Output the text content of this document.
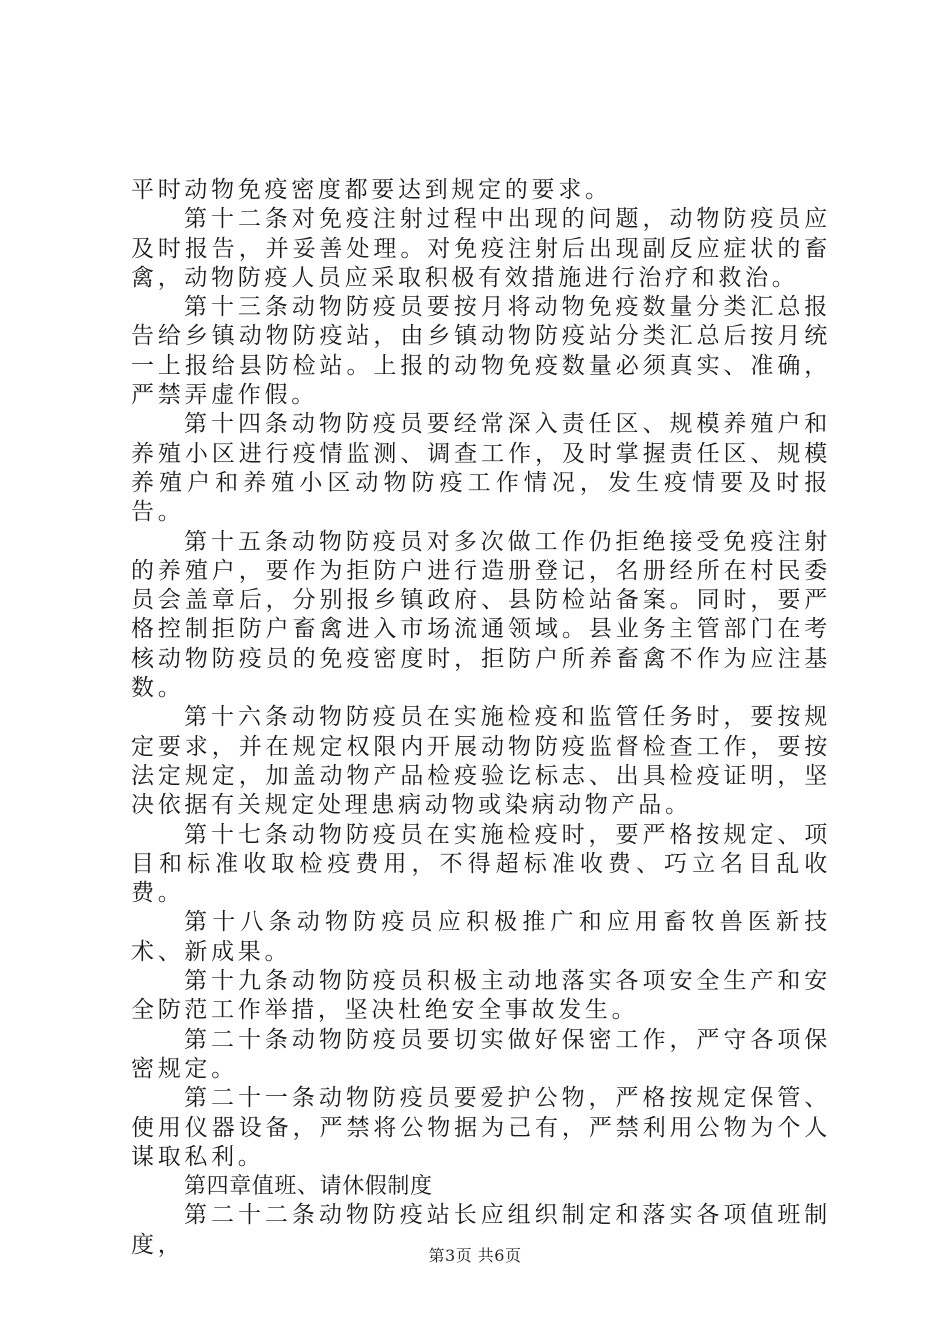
平时动物免疫密度都要达到规定的要求。

第十二条对免疫注射过程中出现的问题，动物防疫员应及时报告，并妥善处理。对免疫注射后出现副反应症状的畜禽，动物防疫人员应采取积极有效措施进行治疗和救治。

第十三条动物防疫员要按月将动物免疫数量分类汇总报告给乡镇动物防疫站，由乡镇动物防疫站分类汇总后按月统一上报给县防检站。上报的动物免疫数量必须真实、准确，严禁弄虚作假。

第十四条动物防疫员要经常深入责任区、规模养殖户和养殖小区进行疫情监测、调查工作，及时掌握责任区、规模养殖户和养殖小区动物防疫工作情况，发生疫情要及时报告。

第十五条动物防疫员对多次做工作仍拒绝接受免疫注射的养殖户，要作为拒防户进行造册登记，名册经所在村民委员会盖章后，分别报乡镇政府、县防检站备案。同时，要严格控制拒防户畜禽进入市场流通领域。县业务主管部门在考核动物防疫员的免疫密度时，拒防户所养畜禽不作为应注基数。

第十六条动物防疫员在实施检疫和监管任务时，要按规定要求，并在规定权限内开展动物防疫监督检查工作，要按法定规定，加盖动物产品检疫验讫标志、出具检疫证明，坚决依据有关规定处理患病动物或染病动物产品。

第十七条动物防疫员在实施检疫时，要严格按规定、项目和标准收取检疫费用，不得超标准收费、巧立名目乱收费。

第十八条动物防疫员应积极推广和应用畜牧兽医新技术、新成果。

第十九条动物防疫员积极主动地落实各项安全生产和安全防范工作举措，坚决杜绝安全事故发生。

第二十条动物防疫员要切实做好保密工作，严守各项保密规定。

第二十一条动物防疫员要爱护公物，严格按规定保管、使用仪器设备，严禁将公物据为己有，严禁利用公物为个人谋取私利。

第四章值班、请休假制度

第二十二条动物防疫站长应组织制定和落实各项值班制度，	第3页 共6页
